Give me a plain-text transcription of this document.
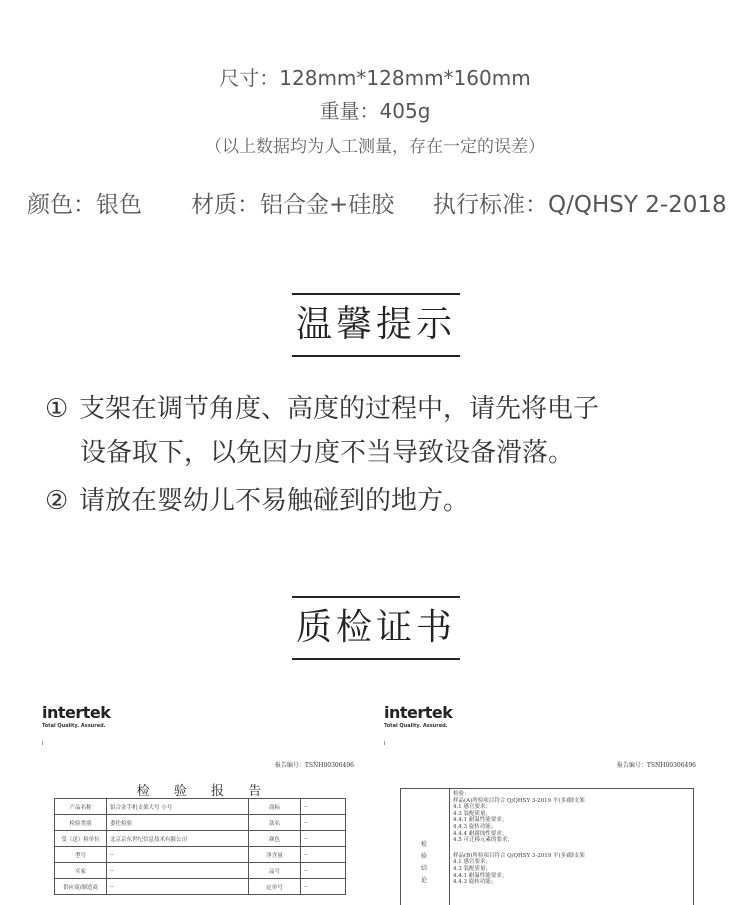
尺寸：128mm*128mm*160mm
重量：405g
（以上数据均为人工测量，存在一定的误差）
颜色：银色 材质：铝合金+硅胶 执行标准：Q/QHSY 2-2018
温馨提示
① 支架在调节角度、高度的过程中，请先将电子
设备取下，以免因力度不当导致设备滑落。
② 请放在婴幼儿不易触碰到的地方。
质检证书
intertek
Total Quality. Assured.
报告编号：TSNH00306496
检 验 报 告
产品名称	铝合金手机支架大号 小号	商标	--
检验类别	委托检验	款名	--
受（送）检单位	北京京东世纪信息技术有限公司	颜色	--
型号	--	净含量	--
买家	--	品号	--
供应商/制造商	--	定单号	--
intertek
Total Quality. Assured.
报告编号：TSNH00306496
检
验
结
论
检验：
样品(A)所检项目符合 Q/QHSY 3-2019 平(多)脚支架
4.1 感官要求；
4.3 装配质量；
4.4.1 耐温性能要求；
4.4.3 旋转功能；
4.4.4 耐腐蚀性要求；
4.5 可迁移元素的要求；
样品(B)所检项目符合 Q/QHSY 3-2019 平(多)脚支架
4.1 感官要求；
4.3 装配质量；
4.4.1 耐温性能要求；
4.4.3 旋转功能；
